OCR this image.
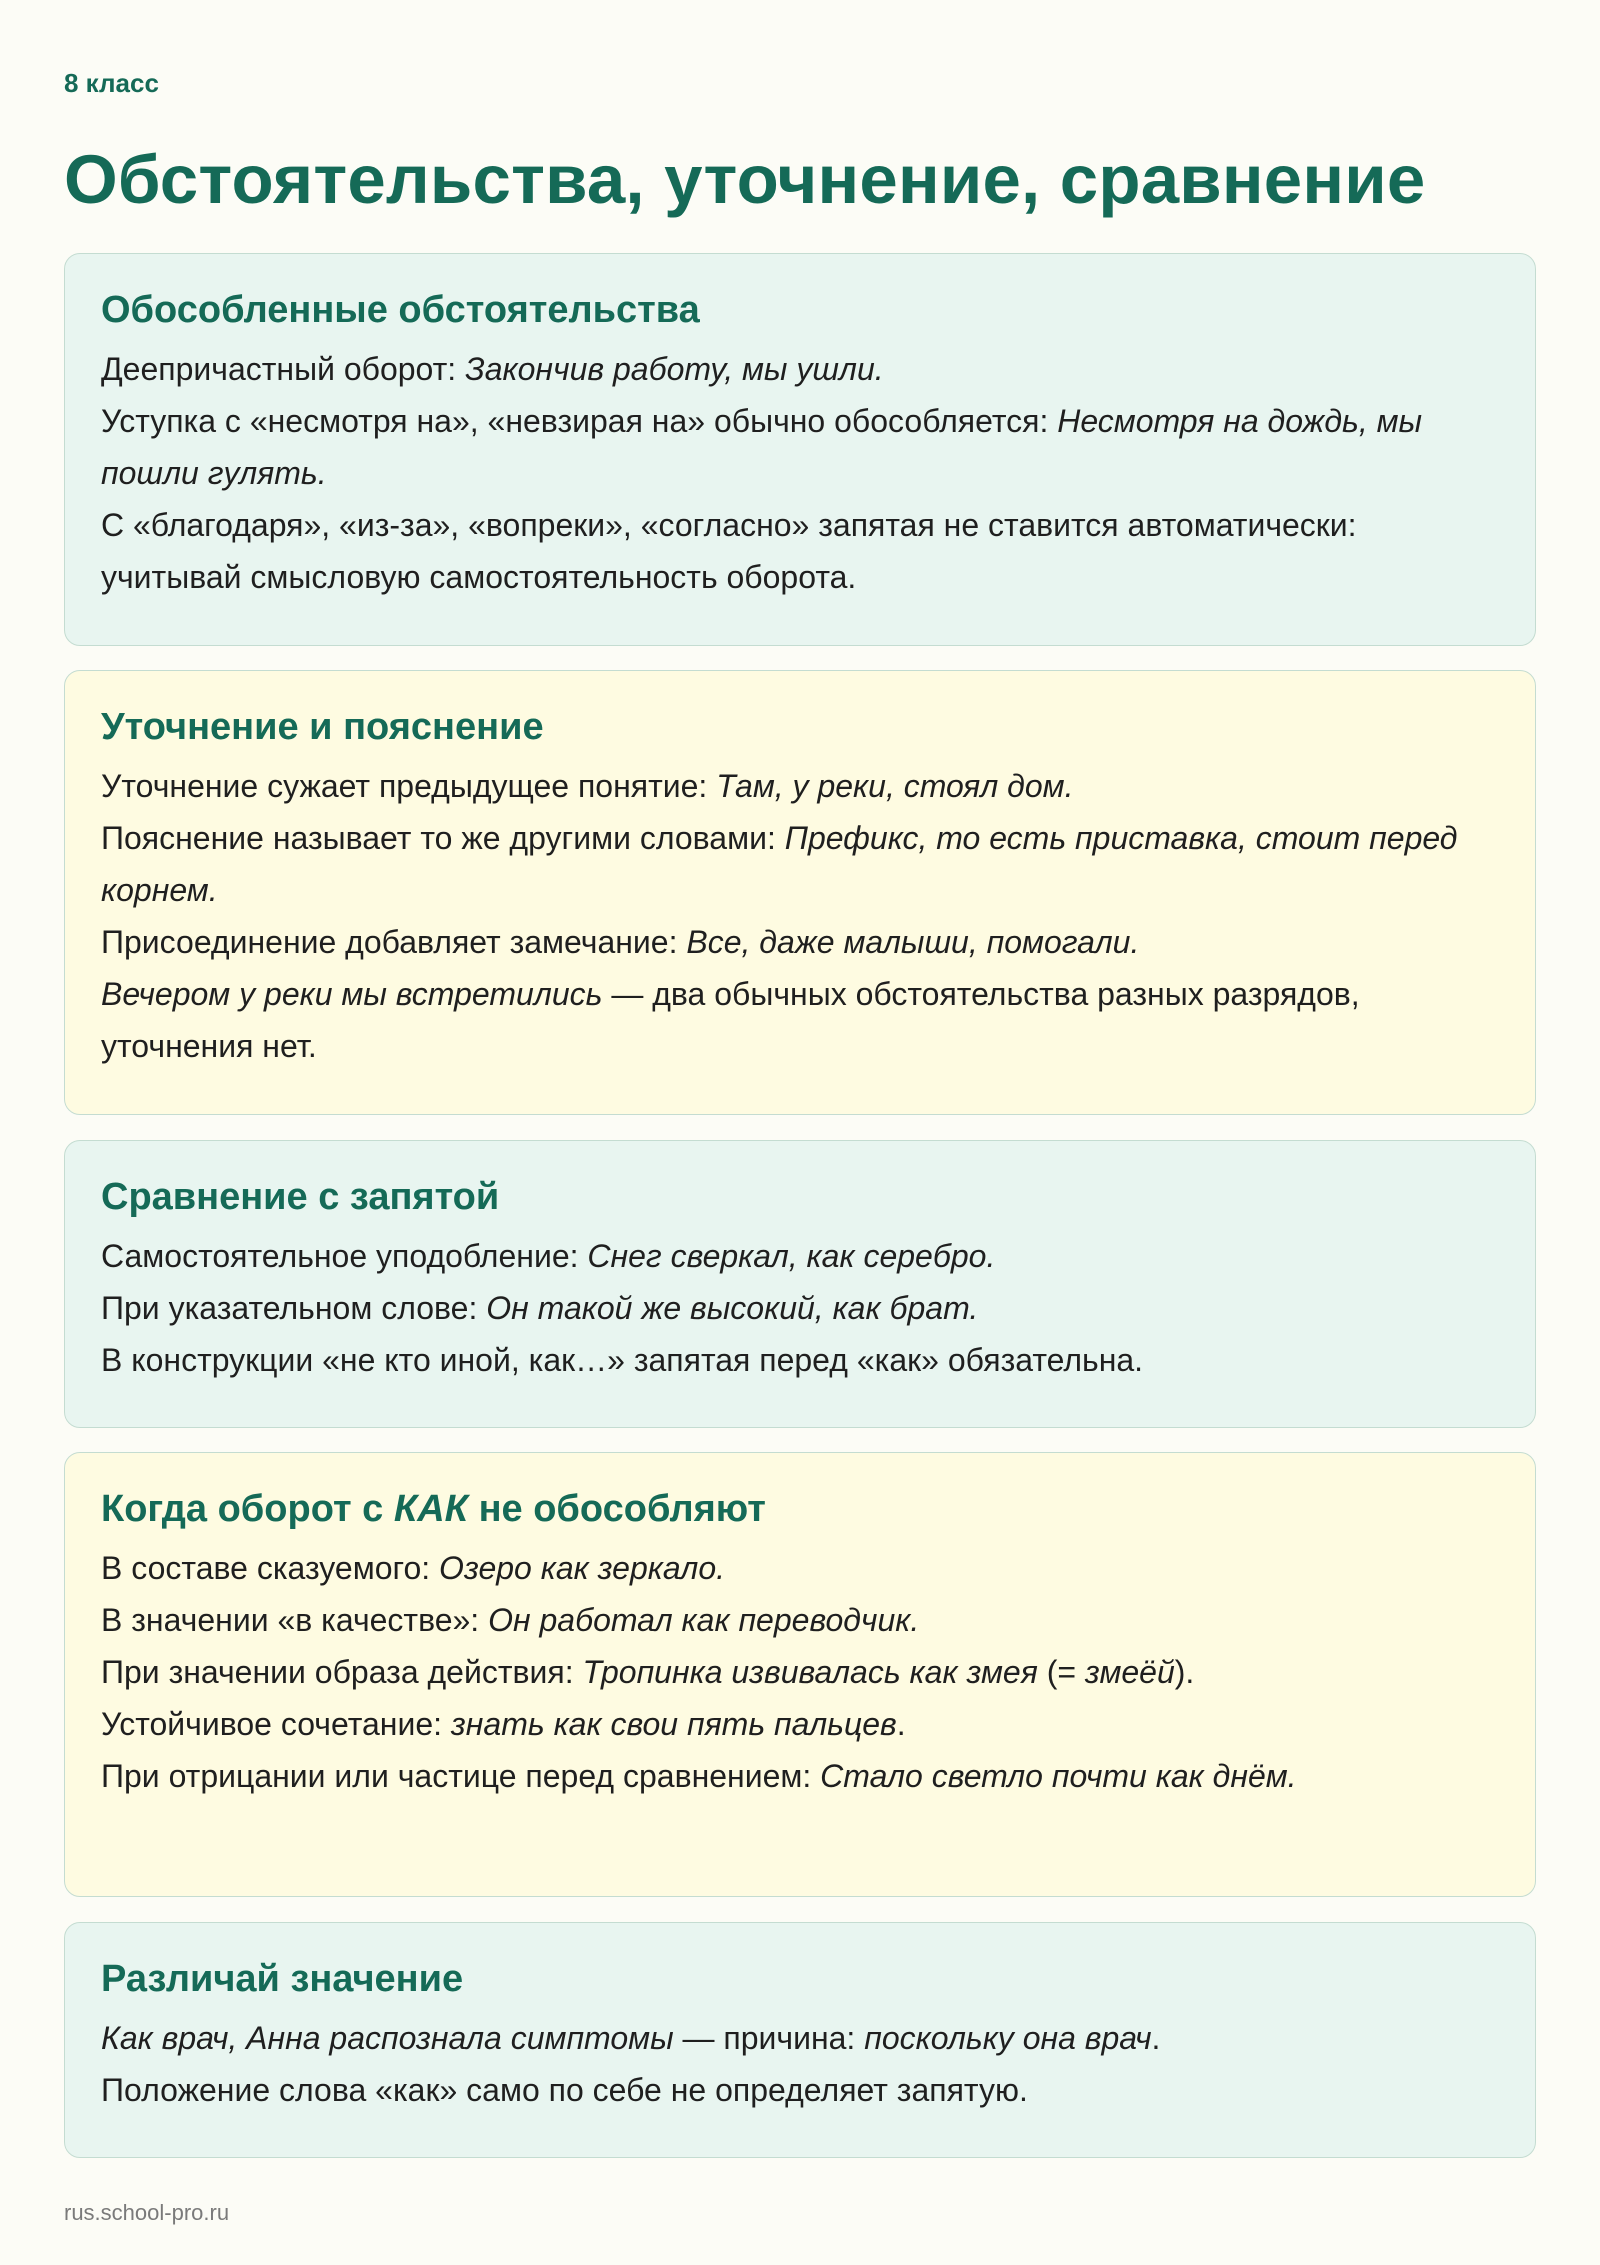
8 класс
Обстоятельства, уточнение, сравнение
Обособленные обстоятельства

Деепричастный оборот: Закончив работу, мы ушли.

Уступка с «несмотря на», «невзирая на» обычно обособляется: Несмотря на дождь, мы пошли гулять.

С «благодаря», «из-за», «вопреки», «согласно» запятая не ставится автоматически: учитывай смысловую самостоятельность оборота.

Уточнение и пояснение

Уточнение сужает предыдущее понятие: Там, у реки, стоял дом.

Пояснение называет то же другими словами: Префикс, то есть приставка, стоит перед корнем.

Присоединение добавляет замечание: Все, даже малыши, помогали.

Вечером у реки мы встретились — два обычных обстоятельства разных разрядов, уточнения нет.

Сравнение с запятой

Самостоятельное уподобление: Снег сверкал, как серебро.

При указательном слове: Он такой же высокий, как брат.

В конструкции «не кто иной, как…» запятая перед «как» обязательна.

Когда оборот с КАК не обособляют

В составе сказуемого: Озеро как зеркало.

В значении «в качестве»: Он работал как переводчик.

При значении образа действия: Тропинка извивалась как змея (= змеёй).

Устойчивое сочетание: знать как свои пять пальцев.

При отрицании или частице перед сравнением: Стало светло почти как днём.

Различай значение

Как врач, Анна распознала симптомы — причина: поскольку она врач.

Положение слова «как» само по себе не определяет запятую.

rus.school-pro.ru
